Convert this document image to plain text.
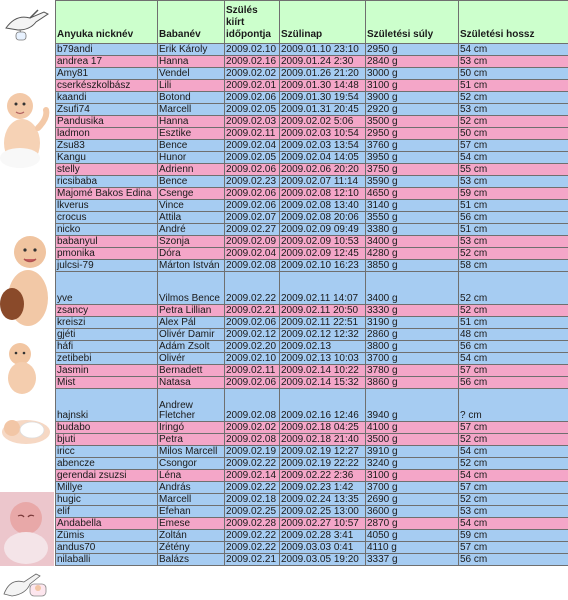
Anyuka nicknév	Babanév	Szülés kiírt időpontja	Szülinap	Születési súly	Születési hossz
b79andi	Erik Károly	2009.02.10	2009.01.10 23:10	2950 g	54 cm
andrea 17	Hanna	2009.02.16	2009.01.24 2:30	2840 g	53 cm
Amy81	Vendel	2009.02.02	2009.01.26 21:20	3000 g	50 cm
cserkészkolbász	Lili	2009.02.01	2009.01.30 14:48	3100 g	51 cm
kaandi	Botond	2009.02.06	2009.01.30 19:54	3900 g	52 cm
Zsufi74	Marcell	2009.02.05	2009.01.31 20:45	2920 g	53 cm
Pandusika	Hanna	2009.02.03	2009.02.02 5:06	3500 g	52 cm
ladmon	Esztike	2009.02.11	2009.02.03 10:54	2950 g	50 cm
Zsu83	Bence	2009.02.04	2009.02.03 13:54	3760 g	57 cm
Kangu	Hunor	2009.02.05	2009.02.04 14:05	3950 g	54 cm
stelly	Adrienn	2009.02.06	2009.02.06 20:20	3750 g	55 cm
ricsibaba	Bence	2009.02.23	2009.02.07 11:14	3590 g	53 cm
Majomé Bakos Edina	Csenge	2009.02.06	2009.02.08 12:10	4650 g	59 cm
lkverus	Vince	2009.02.06	2009.02.08 13:40	3140 g	51 cm
crocus	Attila	2009.02.07	2009.02.08 20:06	3550 g	56 cm
nicko	André	2009.02.27	2009.02.09 09:49	3380 g	51 cm
babanyul	Szonja	2009.02.09	2009.02.09 10:53	3400 g	53 cm
pmonika	Dóra	2009.02.04	2009.02.09 12:45	4280 g	52 cm
julcsi-79	Márton István	2009.02.08	2009.02.10 16:23	3850 g	58 cm
yve	Vilmos Bence	2009.02.22	2009.02.11 14:07	3400 g	52 cm
zsancy	Petra Lillian	2009.02.21	2009.02.11 20:50	3330 g	52 cm
kreiszi	Alex Pál	2009.02.06	2009.02.11 22:51	3190 g	51 cm
gjéti	Olivér Damir	2009.02.12	2009.02.12 12:32	2860 g	48 cm
háfi	Ádám Zsolt	2009.02.20	2009.02.13	3800 g	56 cm
zetibebi	Olivér	2009.02.10	2009.02.13 10:03	3700 g	54 cm
Jasmin	Bernadett	2009.02.11	2009.02.14 10:22	3780 g	57 cm
Mist	Natasa	2009.02.06	2009.02.14 15:32	3860 g	56 cm
hajnski	Andrew Fletcher	2009.02.08	2009.02.16 12:46	3940 g	? cm
budabo	Iringó	2009.02.02	2009.02.18 04:25	4100 g	57 cm
bjuti	Petra	2009.02.08	2009.02.18 21:40	3500 g	52 cm
iricc	Milos Marcell	2009.02.19	2009.02.19 12:27	3910 g	54 cm
abencze	Csongor	2009.02.22	2009.02.19 22:22	3240 g	52 cm
gerendai zsuzsi	Léna	2009.02.14	2009.02.22 2:36	3100 g	54 cm
Millye	András	2009.02.22	2009.02.23 1:42	3700 g	57 cm
hugic	Marcell	2009.02.18	2009.02.24 13:35	2690 g	52 cm
elif	Efehan	2009.02.25	2009.02.25 13:00	3600 g	53 cm
Andabella	Emese	2009.02.28	2009.02.27 10:57	2870 g	54 cm
Zümis	Zoltán	2009.02.22	2009.02.28 3:41	4050 g	59 cm
andus70	Zétény	2009.02.22	2009.03.03 0:41	4110 g	57 cm
nilaballi	Balázs	2009.02.21	2009.03.05 19:20	3337 g	56 cm
